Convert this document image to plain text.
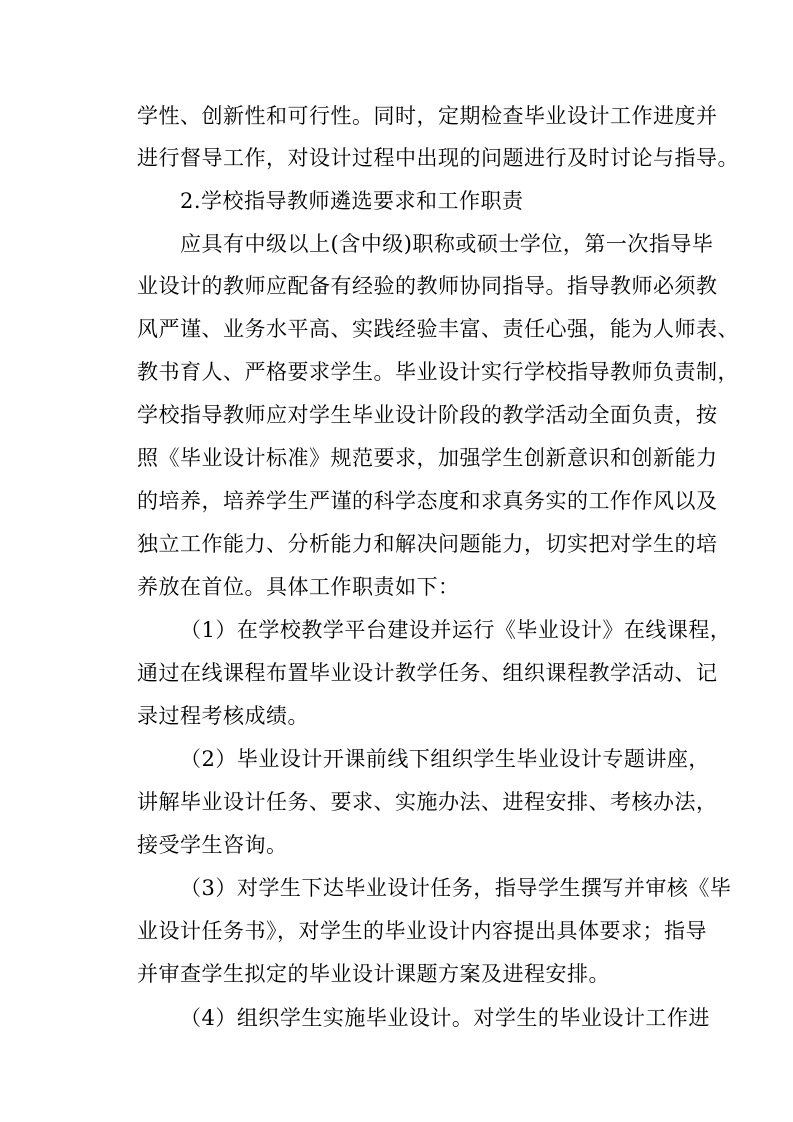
学性、创新性和可行性。同时，定期检查毕业设计工作进度并
进行督导工作，对设计过程中出现的问题进行及时讨论与指导。
2.学校指导教师遴选要求和工作职责
应具有中级以上(含中级)职称或硕士学位，第一次指导毕
业设计的教师应配备有经验的教师协同指导。指导教师必须教
风严谨、业务水平高、实践经验丰富、责任心强，能为人师表、
教书育人、严格要求学生。毕业设计实行学校指导教师负责制，
学校指导教师应对学生毕业设计阶段的教学活动全面负责，按
照《毕业设计标准》规范要求，加强学生创新意识和创新能力
的培养，培养学生严谨的科学态度和求真务实的工作作风以及
独立工作能力、分析能力和解决问题能力，切实把对学生的培
养放在首位。具体工作职责如下：
（1）在学校教学平台建设并运行《毕业设计》在线课程，
通过在线课程布置毕业设计教学任务、组织课程教学活动、记
录过程考核成绩。
（2）毕业设计开课前线下组织学生毕业设计专题讲座，
讲解毕业设计任务、要求、实施办法、进程安排、考核办法，
接受学生咨询。
（3）对学生下达毕业设计任务，指导学生撰写并审核《毕
业设计任务书》，对学生的毕业设计内容提出具体要求；指导
并审查学生拟定的毕业设计课题方案及进程安排。
（4）组织学生实施毕业设计。对学生的毕业设计工作进
